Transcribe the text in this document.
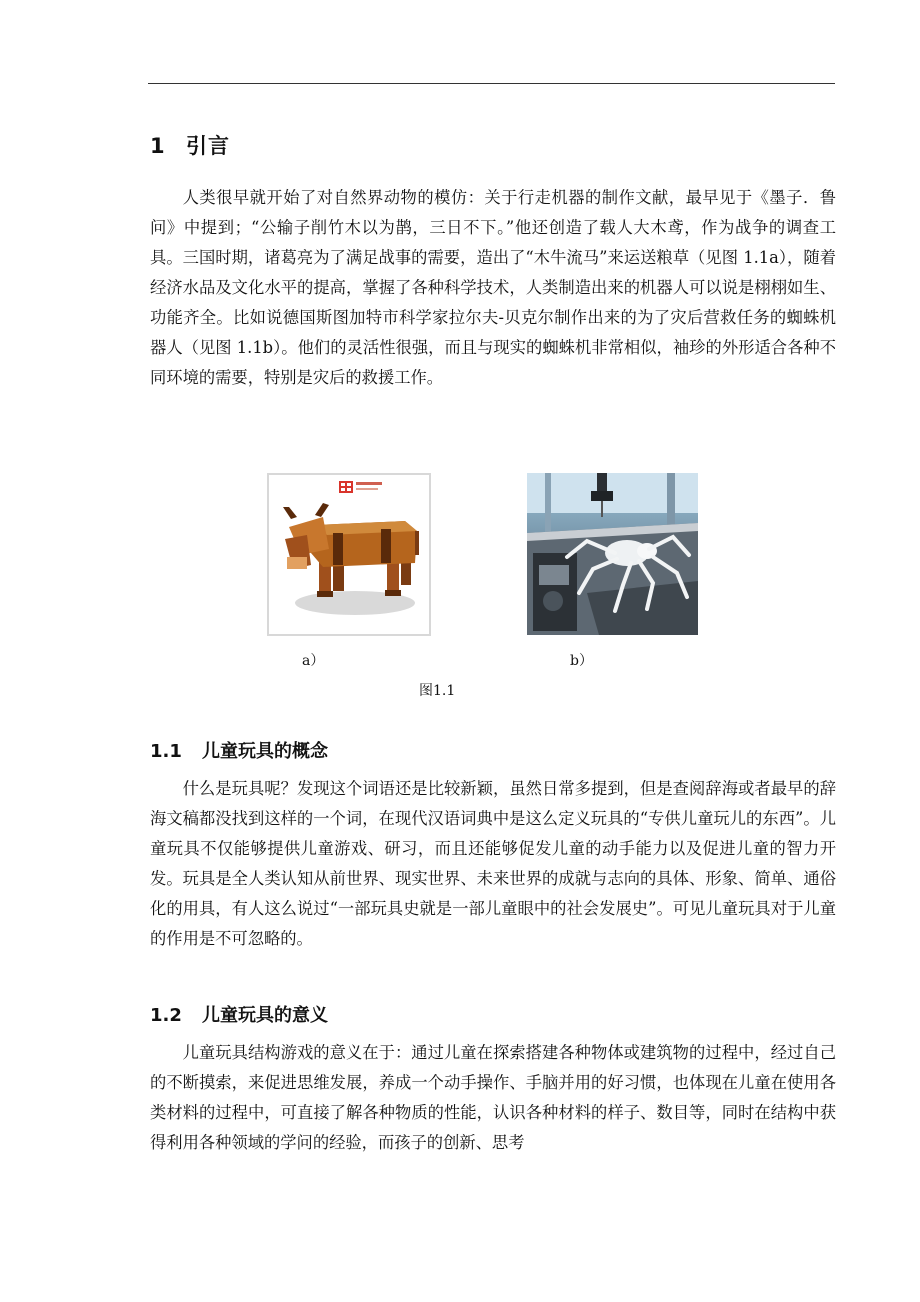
1 引言

人类很早就开始了对自然界动物的模仿：关于行走机器的制作文献，最早见于《墨子．鲁问》中提到；“公输子削竹木以为鹊，三日不下。”他还创造了载人大木鸢，作为战争的调查工具。三国时期，诸葛亮为了满足战事的需要，造出了“木牛流马”来运送粮草（见图 1.1a），随着经济水品及文化水平的提高，掌握了各种科学技术，人类制造出来的机器人可以说是栩栩如生、功能齐全。比如说德国斯图加特市科学家拉尔夫-贝克尔制作出来的为了灾后营救任务的蜘蛛机器人（见图 1.1b）。他们的灵活性很强，而且与现实的蜘蛛机非常相似，袖珍的外形适合各种不同环境的需要，特别是灾后的救援工作。

a）	b）
图1.1
1.1 儿童玩具的概念

什么是玩具呢？发现这个词语还是比较新颖，虽然日常多提到，但是查阅辞海或者最早的辞海文稿都没找到这样的一个词，在现代汉语词典中是这么定义玩具的“专供儿童玩儿的东西”。儿童玩具不仅能够提供儿童游戏、研习，而且还能够促发儿童的动手能力以及促进儿童的智力开发。玩具是全人类认知从前世界、现实世界、未来世界的成就与志向的具体、形象、简单、通俗化的用具，有人这么说过“一部玩具史就是一部儿童眼中的社会发展史”。可见儿童玩具对于儿童的作用是不可忽略的。

1.2 儿童玩具的意义

儿童玩具结构游戏的意义在于：通过儿童在探索搭建各种物体或建筑物的过程中，经过自己的不断摸索，来促进思维发展，养成一个动手操作、手脑并用的好习惯，也体现在儿童在使用各类材料的过程中，可直接了解各种物质的性能，认识各种材料的样子、数目等，同时在结构中获得利用各种领域的学问的经验，而孩子的创新、思考
